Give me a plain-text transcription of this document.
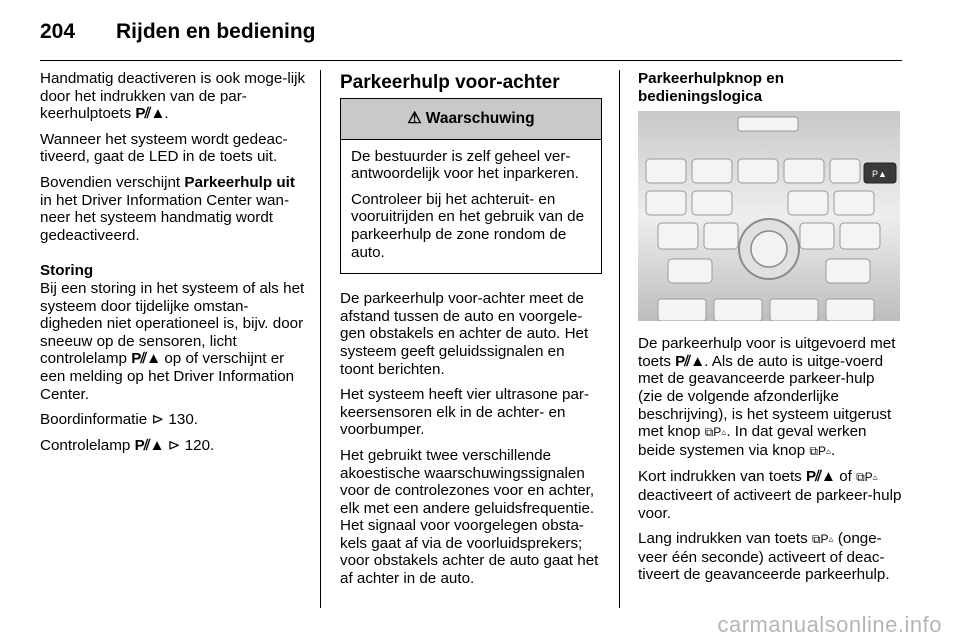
204 Rijden en bediening

Handmatig deactiveren is ook moge-lijk door het indrukken van de par-keerhulptoets P⫽▲.

Wanneer het systeem wordt gedeac-tiveerd, gaat de LED in de toets uit.

Bovendien verschijnt Parkeerhulp uit in het Driver Information Center wan-neer het systeem handmatig wordt gedeactiveerd.

Storing

Bij een storing in het systeem of als het systeem door tijdelijke omstan-digheden niet operationeel is, bijv. door sneeuw op de sensoren, licht controlelamp P⫽▲ op of verschijnt er een melding op het Driver Information Center.

Boordinformatie ⊳ 130.

Controlelamp P⫽▲ ⊳ 120.

Parkeerhulp voor-achter
⚠ Waarschuwing

De bestuurder is zelf geheel ver-antwoordelijk voor het inparkeren.

Controleer bij het achteruit- en vooruitrijden en het gebruik van de parkeerhulp de zone rondom de auto.

De parkeerhulp voor-achter meet de afstand tussen de auto en voorgele-gen obstakels en achter de auto. Het systeem geeft geluidssignalen en toont berichten.

Het systeem heeft vier ultrasone par-keersensoren elk in de achter- en voorbumper.

Het gebruikt twee verschillende akoestische waarschuwingssignalen voor de controlezones voor en achter, elk met een andere geluidsfrequentie. Het signaal voor voorgelegen obsta-kels gaat af via de voorluidsprekers; voor obstakels achter de auto gaat het af achter in de auto.

Parkeerhulpknop en
bedieningslogica
P▲

De parkeerhulp voor is uitgevoerd met toets P⫽▲. Als de auto is uitge-voerd met de geavanceerde parkeer-hulp (zie de volgende afzonderlijke beschrijving), is het systeem uitgerust met knop ⧉P▵. In dat geval werken beide systemen via knop ⧉P▵.

Kort indrukken van toets P⫽▲ of ⧉P▵ deactiveert of activeert de parkeer-hulp voor.

Lang indrukken van toets ⧉P▵ (onge-veer één seconde) activeert of deac-tiveert de geavanceerde parkeerhulp.

carmanualsonline.info
